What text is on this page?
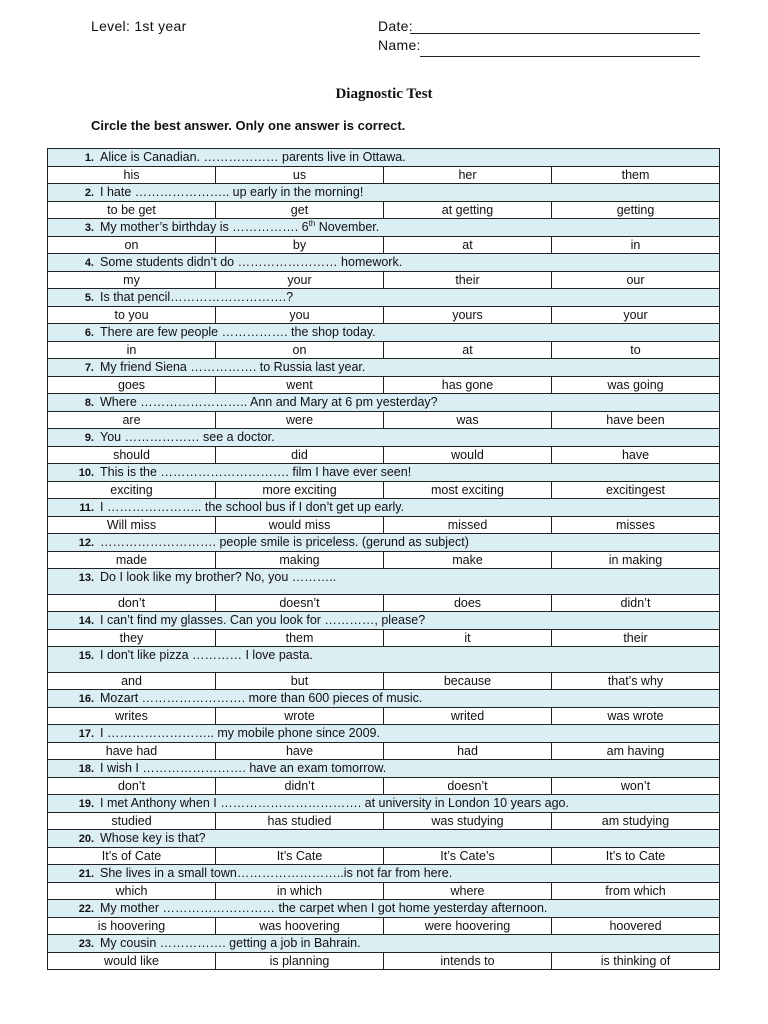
Level: 1st year	Date:
Name:
Diagnostic Test
Circle the best answer. Only one answer is correct.
1. Alice is Canadian. ……………… parents live in Ottawa.			
his	us	her	them
2. I hate ………………….. up early in the morning!			
to be get	get	at getting	getting
3. My mother’s birthday is ……………. 6th November.			
on	by	at	in
4. Some students didn’t do …………………… homework.			
my	your	their	our
5. Is that pencil……………………….?			
to you	you	yours	your
6. There are few people ……………. the shop today.			
in	on	at	to
7. My friend Siena ……………. to Russia last year.			
goes	went	has gone	was going
8. Where …………………….. Ann and Mary at 6 pm yesterday?			
are	were	was	have been
9. You ……………… see a doctor.			
should	did	would	have
10. This is the …………………………. film I have ever seen!			
exciting	more exciting	most exciting	excitingest
11. I ………………….. the school bus if I don’t get up early.			
Will miss	would miss	missed	misses
12. ………………………. people smile is priceless. (gerund as subject)			
made	making	make	in making
13. Do I look like my brother? No, you ………..			
don’t	doesn’t	does	didn’t
14. I can’t find my glasses. Can you look for …………, please?			
they	them	it	their
15. I don't like pizza ………… I love pasta.			
and	but	because	that’s why
16. Mozart ……………………. more than 600 pieces of music.			
writes	wrote	writed	was wrote
17. I …………………….. my mobile phone since 2009.			
have had	have	had	am having
18. I wish I ……………………. have an exam tomorrow.			
don’t	didn’t	doesn’t	won’t
19. I met Anthony when I ……………………………. at university in London 10 years ago.			
studied	has studied	was studying	am studying
20. Whose key is that?			
It’s of Cate	It’s Cate	It’s Cate’s	It’s to Cate
21. She lives in a small town……………………..is not far from here.			
which	in which	where	from which
22. My mother ……………………… the carpet when I got home yesterday afternoon.			
is hoovering	was hoovering	were hoovering	hoovered
23. My cousin ……………. getting a job in Bahrain.			
would like	is planning	intends to	is thinking of
